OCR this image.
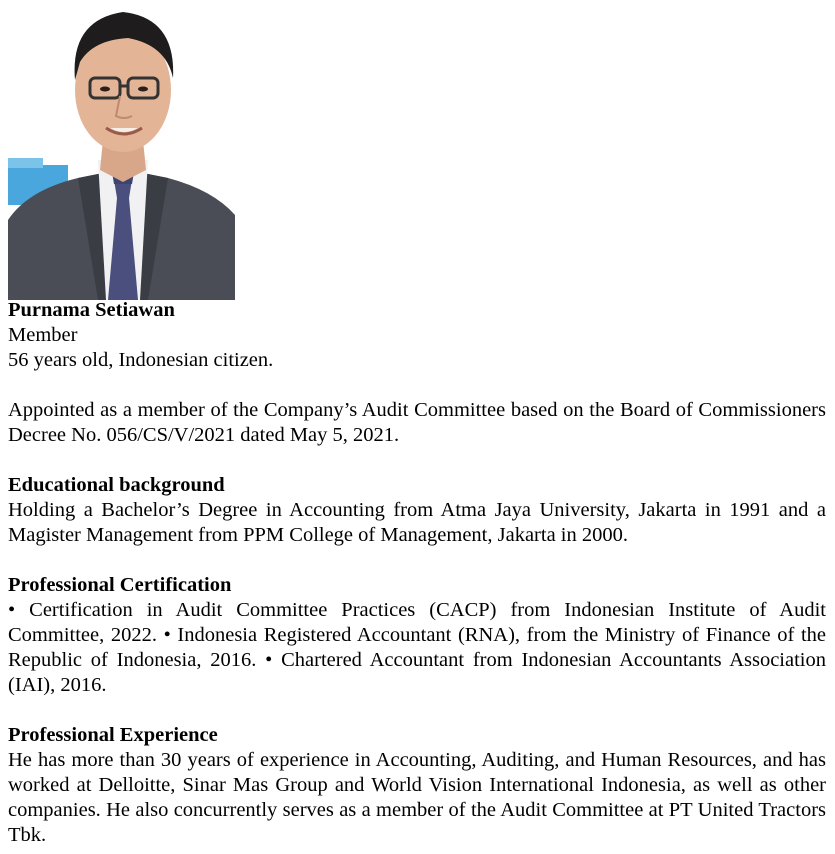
Purnama Setiawan
Member
56 years old, Indonesian citizen.
Appointed as a member of the Company’s Audit Committee based on the Board of Commissioners Decree No. 056/CS/V/2021 dated May 5, 2021.
Educational background
Holding a Bachelor’s Degree in Accounting from Atma Jaya University, Jakarta in 1991 and a Magister Management from PPM College of Management, Jakarta in 2000.
Professional Certification
• Certification in Audit Committee Practices (CACP) from Indonesian Institute of Audit Committee, 2022. • Indonesia Registered Accountant (RNA), from the Ministry of Finance of the Republic of Indonesia, 2016. • Chartered Accountant from Indonesian Accountants Association (IAI), 2016.
Professional Experience
He has more than 30 years of experience in Accounting, Auditing, and Human Resources, and has worked at Delloitte, Sinar Mas Group and World Vision International Indonesia, as well as other companies. He also concurrently serves as a member of the Audit Committee at PT United Tractors Tbk.
